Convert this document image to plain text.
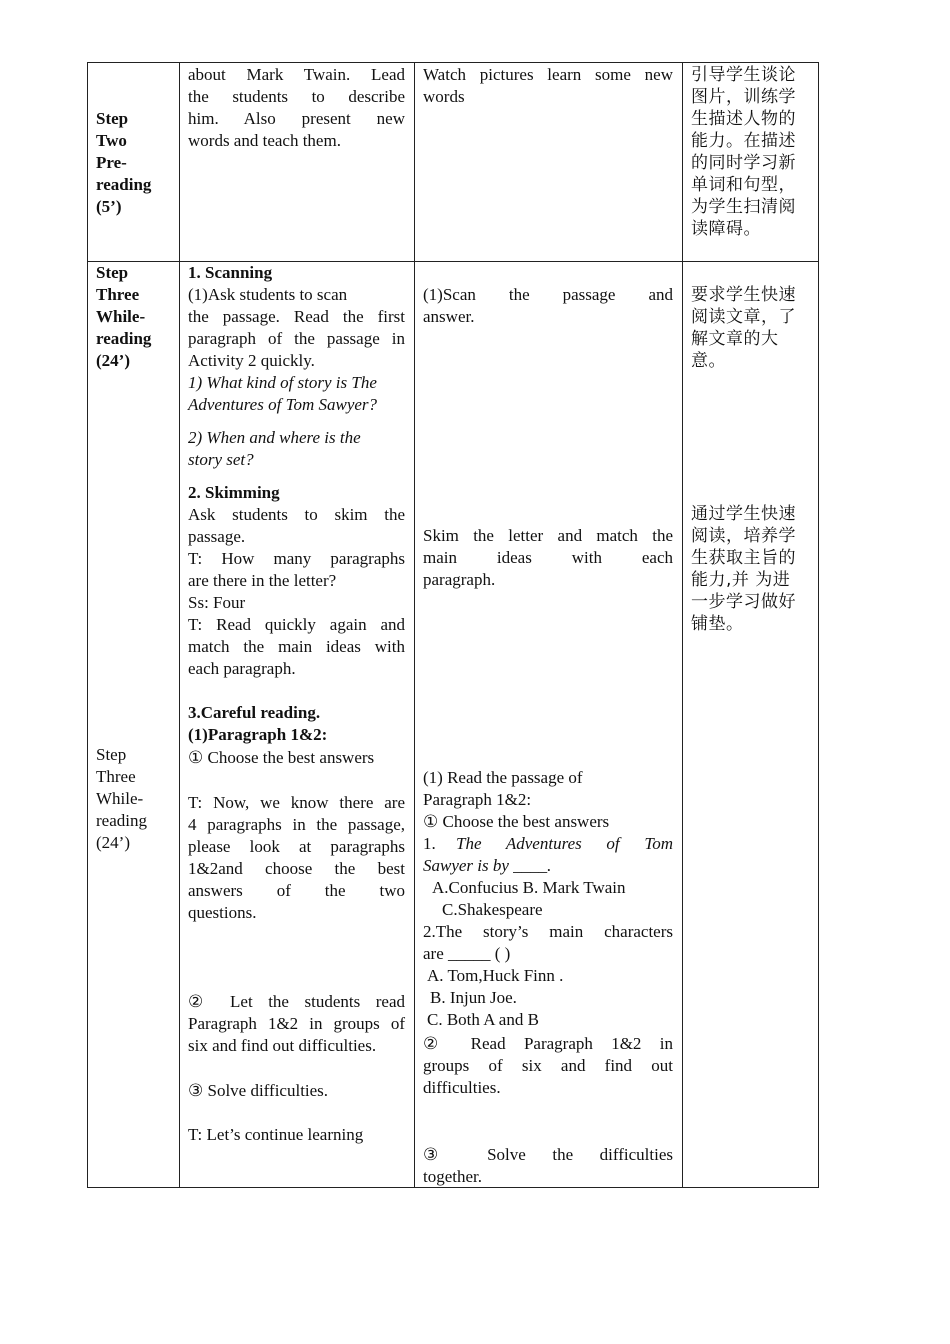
Step
Two
Pre-
reading
(5’)
about Mark Twain. Lead
the students to describe
him. Also present new
words and teach them.
Watch pictures learn some new
words
引导学生谈论
图片，训练学
生描述人物的
能力。在描述
的同时学习新
单词和句型，
为学生扫清阅
读障碍。
Step
Three
While-
reading
(24’)
Step
Three
While-
reading
(24’)
1. Scanning
(1)Ask students to scan
the passage. Read the first
paragraph of the passage in
Activity 2 quickly.
1) What kind of story is The
Adventures of Tom Sawyer?
2) When and where is the
story set?
2. Skimming
Ask students to skim the
passage.
T: How many paragraphs
are there in the letter?
Ss: Four
T: Read quickly again and
match the main ideas with
each paragraph.
3.Careful reading.
(1)Paragraph 1&2:
① Choose the best answers
T: Now, we know there are
4 paragraphs in the passage,
please look at paragraphs
1&2and choose the best
answers of the two
questions.
② Let the students read
Paragraph 1&2 in groups of
six and find out difficulties.
③ Solve difficulties.
T: Let’s continue learning
(1)Scan the passage and
answer.
Skim the letter and match the
main ideas with each
paragraph.
(1) Read the passage of
Paragraph 1&2:
① Choose the best answers
1. The Adventures of Tom
Sawyer is by ____.
A.Confucius B. Mark Twain
C.Shakespeare
2.The story’s main characters
are _____ ( )
A. Tom,Huck Finn .
B. Injun Joe.
C. Both A and B
② Read Paragraph 1&2 in
groups of six and find out
difficulties.
③ Solve the difficulties
together.
要求学生快速
阅读文章，了
解文章的大
意。
通过学生快速
阅读，培养学
生获取主旨的
能力,并 为进
一步学习做好
铺垫。
